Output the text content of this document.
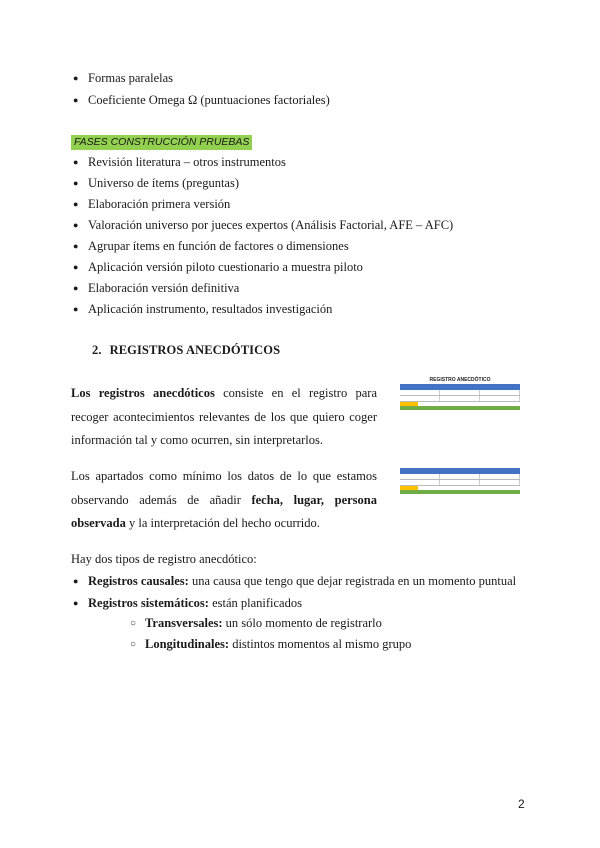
● Formas paralelas
● Coeficiente Omega Ω (puntuaciones factoriales)
FASES CONSTRUCCIÓN PRUEBAS
● Revisión literatura – otros instrumentos
● Universo de ítems (preguntas)
● Elaboración primera versión
● Valoración universo por jueces expertos (Análisis Factorial, AFE – AFC)
● Agrupar ítems en función de factores o dimensiones
● Aplicación versión piloto cuestionario a muestra piloto
● Elaboración versión definitiva
● Aplicación instrumento, resultados investigación
2. REGISTROS ANECDÓTICOS
Los registros anecdóticos consiste en el registro para recoger acontecimientos relevantes de los que quiero coger información tal y como ocurren, sin interpretarlos.
REGISTRO ANECDÓTICO
Los apartados como mínimo los datos de lo que estamos observando además de añadir fecha, lugar, persona observada y la interpretación del hecho ocurrido.
Hay dos tipos de registro anecdótico:
● Registros causales: una causa que tengo que dejar registrada en un momento puntual
● Registros sistemáticos: están planificados
○ Transversales: un sólo momento de registrarlo
○ Longitudinales: distintos momentos al mismo grupo
2
